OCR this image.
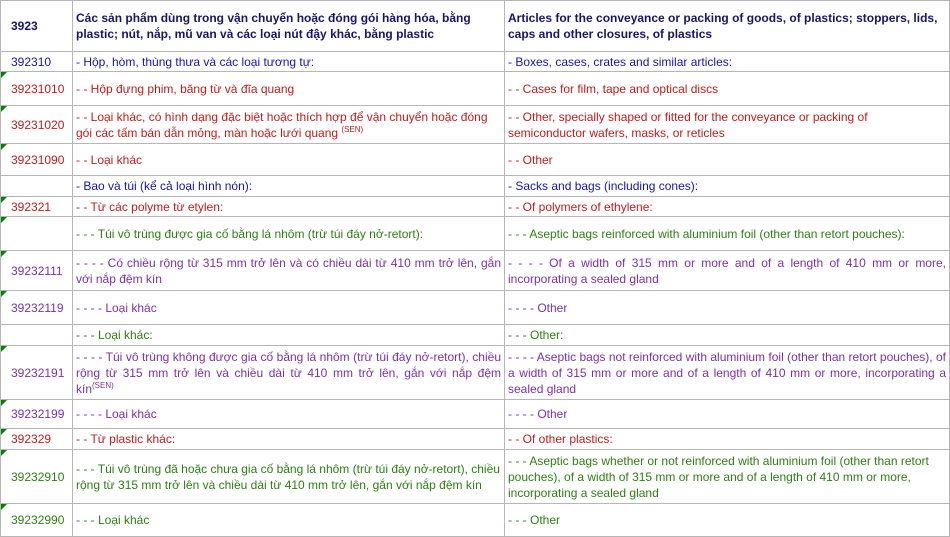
3923	Các sản phẩm dùng trong vận chuyển hoặc đóng gói hàng hóa, bằng plastic; nút, nắp, mũ van và các loại nút đậy khác, bằng plastic	Articles for the conveyance or packing of goods, of plastics; stoppers, lids, caps and other closures, of plastics
392310	- Hộp, hòm, thùng thưa và các loại tương tự:	- Boxes, cases, crates and similar articles:
39231010	- - Hộp đựng phim, băng từ và đĩa quang	- - Cases for film, tape and optical discs
39231020	- - Loại khác, có hình dạng đặc biệt hoặc thích hợp để vận chuyển hoặc đóng gói các tấm bán dẫn mỏng, màn hoặc lưới quang $^{(SEN)}$	- - Other, specially shaped or fitted for the conveyance or packing of semiconductor wafers, masks, or reticles
39231090	- - Loại khác	- - Other
	- Bao và túi (kể cả loại hình nón):	- Sacks and bags (including cones):
392321	- - Từ các polyme từ etylen:	- - Of polymers of ethylene:
	- - - Túi vô trùng được gia cố bằng lá nhôm (trừ túi đáy nở-retort):	- - - Aseptic bags reinforced with aluminium foil (other than retort pouches):
39232111	- - - - Có chiều rộng từ 315 mm trở lên và có chiều dài từ 410 mm trở lên, gắn với nắp đệm kín	- - - - Of a width of 315 mm or more and of a length of 410 mm or more, incorporating a sealed gland
39232119	- - - - Loại khác	- - - - Other
	- - - Loại khác:	- - - Other:
39232191	- - - - Túi vô trùng không được gia cố bằng lá nhôm (trừ túi đáy nở-retort), chiều rộng từ 315 mm trở lên và chiều dài từ 410 mm trở lên, gắn với nắp đệm kín$^{(SEN)}$	- - - - Aseptic bags not reinforced with aluminium foil (other than retort pouches), of a width of 315 mm or more and of a length of 410 mm or more, incorporating a sealed gland
39232199	- - - - Loại khác	- - - - Other
392329	- - Từ plastic khác:	- - Of other plastics:
39232910	- - - Túi vô trùng đã hoặc chưa gia cố bằng lá nhôm (trừ túi đáy nở-retort), chiều rộng từ 315 mm trở lên và chiều dài từ 410 mm trở lên, gắn với nắp đệm kín	- - - Aseptic bags whether or not reinforced with aluminium foil (other than retort pouches), of a width of 315 mm or more and of a length of 410 mm or more, incorporating a sealed gland
39232990	- - - Loại khác	- - - Other
